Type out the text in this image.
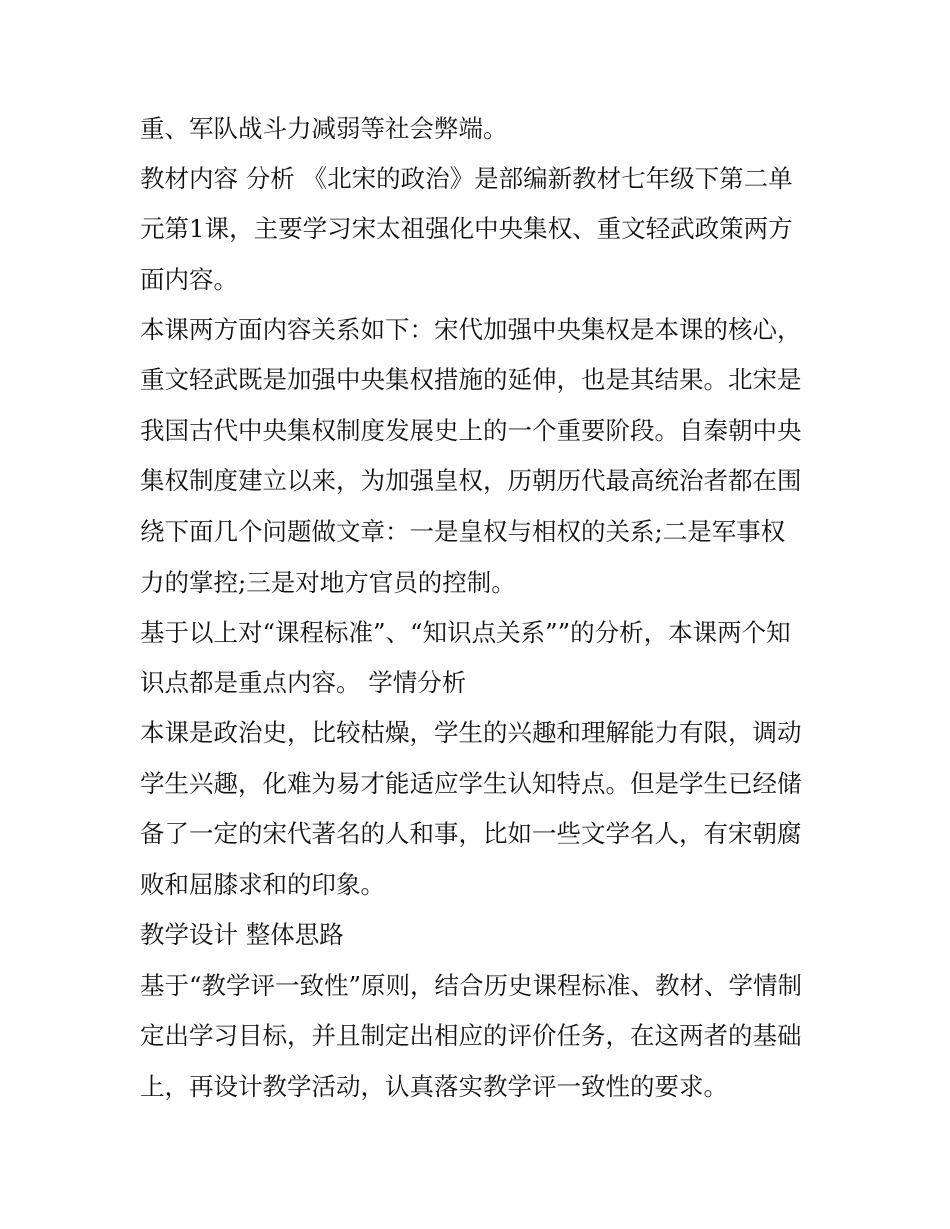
重、军队战斗力减弱等社会弊端。
教材内容 分析 《北宋的政治》是部编新教材七年级下第二单
元第1课，主要学习宋太祖强化中央集权、重文轻武政策两方
面内容。
本课两方面内容关系如下：宋代加强中央集权是本课的核心，
重文轻武既是加强中央集权措施的延伸，也是其结果。北宋是
我国古代中央集权制度发展史上的一个重要阶段。自秦朝中央
集权制度建立以来，为加强皇权，历朝历代最高统治者都在围
绕下面几个问题做文章：一是皇权与相权的关系;二是军事权
力的掌控;三是对地方官员的控制。
基于以上对“课程标准”、“知识点关系””的分析，本课两个知
识点都是重点内容。 学情分析
本课是政治史，比较枯燥，学生的兴趣和理解能力有限，调动
学生兴趣，化难为易才能适应学生认知特点。但是学生已经储
备了一定的宋代著名的人和事，比如一些文学名人，有宋朝腐
败和屈膝求和的印象。
教学设计 整体思路
基于“教学评一致性”原则，结合历史课程标准、教材、学情制
定出学习目标，并且制定出相应的评价任务，在这两者的基础
上，再设计教学活动，认真落实教学评一致性的要求。
